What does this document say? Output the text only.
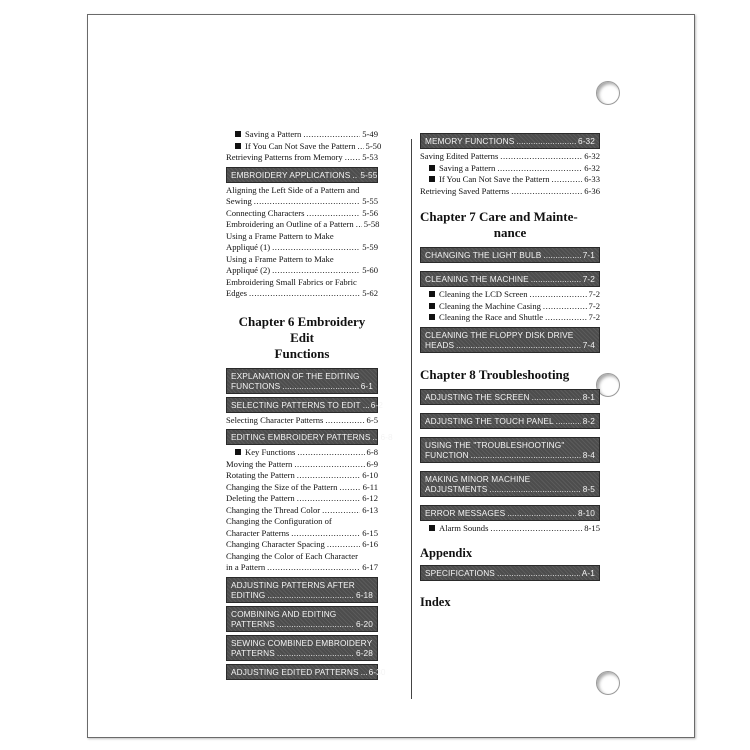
Saving a Pattern .....	5-49
If You Can Not Save the Pattern ..... 5-50
Retrieving Patterns from Memory ..... 5-53
EMBROIDERY APPLICATIONS ..... 5-55
Aligning the Left Side of a Pattern and
Sewing .....	5-55
Connecting Characters .....	5-56
Embroidering an Outline of a Pattern ..... 5-58
Using a Frame Pattern to Make
Appliqué (1) .....	5-59
Using a Frame Pattern to Make
Appliqué (2) .....	5-60
Embroidering Small Fabrics or Fabric
Edges .....	5-62
Chapter 6 Embroidery Edit
Functions
EXPLANATION OF THE EDITING
FUNCTIONS .....	6-1
SELECTING PATTERNS TO EDIT ..... 6-2
Selecting Character Patterns .....	6-5
EDITING EMBROIDERY PATTERNS ..... 6-8
Key Functions .....	6-8
Moving the Pattern .....	6-9
Rotating the Pattern .....	6-10
Changing the Size of the Pattern .....	6-11
Deleting the Pattern .....	6-12
Changing the Thread Color .....	6-13
Changing the Configuration of
Character Patterns .....	6-15
Changing Character Spacing .....	6-16
Changing the Color of Each Character
in a Pattern .....	6-17
ADJUSTING PATTERNS AFTER
EDITING .....	6-18
COMBINING AND EDITING
PATTERNS .....	6-20
SEWING COMBINED EMBROIDERY
PATTERNS .....	6-28
ADJUSTING EDITED PATTERNS ..... 6-30
MEMORY FUNCTIONS .....	6-32
Saving Edited Patterns .....	6-32
Saving a Pattern .....	6-32
If You Can Not Save the Pattern .....	6-33
Retrieving Saved Patterns .....	6-36
Chapter 7 Care and Mainte-
nance
CHANGING THE LIGHT BULB .....	7-1
CLEANING THE MACHINE .....	7-2
Cleaning the LCD Screen .....	7-2
Cleaning the Machine Casing .....	7-2
Cleaning the Race and Shuttle .....	7-2
CLEANING THE FLOPPY DISK DRIVE
HEADS .....	7-4
Chapter 8 Troubleshooting
ADJUSTING THE SCREEN .....	8-1
ADJUSTING THE TOUCH PANEL .....	8-2
USING THE "TROUBLESHOOTING"
FUNCTION .....	8-4
MAKING MINOR MACHINE
ADJUSTMENTS .....	8-5
ERROR MESSAGES .....	8-10
Alarm Sounds .....	8-15
Appendix
SPECIFICATIONS .....	A-1
Index
